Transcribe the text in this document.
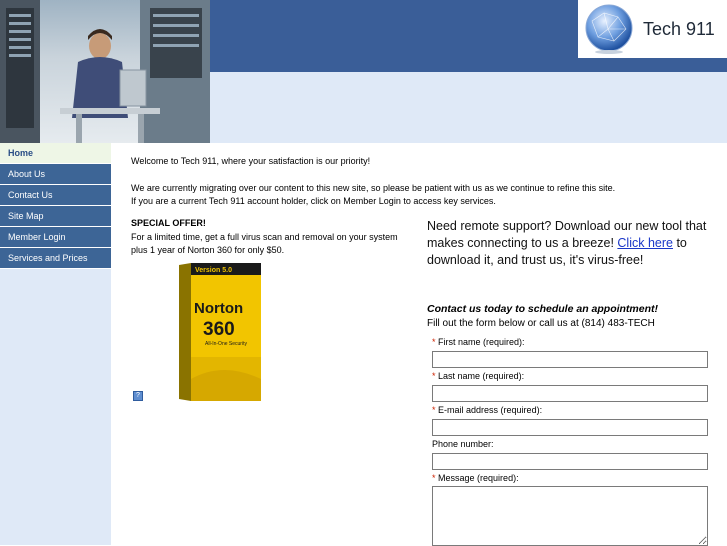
Tech 911
Home
About Us
Contact Us
Site Map
Member Login
Services and Prices
Welcome to Tech 911, where your satisfaction is our priority!
We are currently migrating over our content to this new site, so please be patient with us as we continue to refine this site.
If you are a current Tech 911 account holder, click on Member Login to access key services.
SPECIAL OFFER!
For a limited time, get a full virus scan and removal on your system plus 1 year of Norton 360 for only $50.
Version 5.0
Norton
360
All-In-One Security
?
Need remote support? Download our new tool that makes connecting to us a breeze! Click here to download it, and trust us, it's virus-free!
Contact us today to schedule an appointment!
Fill out the form below or call us at (814) 483-TECH
* First name (required):
* Last name (required):
* E-mail address (required):
Phone number:
* Message (required):
